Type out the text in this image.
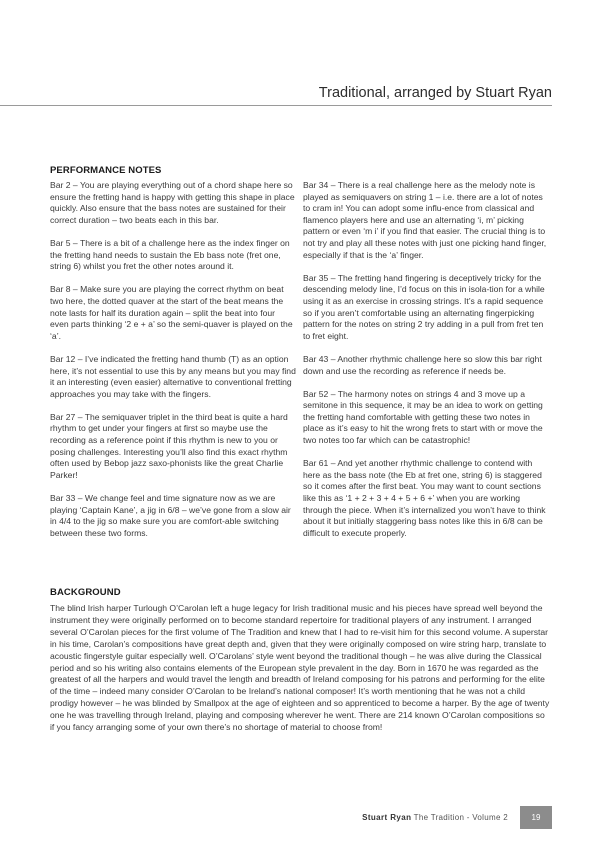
Traditional, arranged by Stuart Ryan
PERFORMANCE NOTES

Bar 2 – You are playing everything out of a chord shape here so ensure the fretting hand is happy with getting this shape in place quickly. Also ensure that the bass notes are sustained for their correct duration – two beats each in this bar.

Bar 5 – There is a bit of a challenge here as the index finger on the fretting hand needs to sustain the Eb bass note (fret one, string 6) whilst you fret the other notes around it.

Bar 8 – Make sure you are playing the correct rhythm on beat two here, the dotted quaver at the start of the beat means the note lasts for half its duration again – split the beat into four even parts thinking ‘2 e + a’ so the semi-quaver is played on the ‘a’.

Bar 12 – I’ve indicated the fretting hand thumb (T) as an option here, it’s not essential to use this by any means but you may find it an interesting (even easier) alternative to conventional fretting approaches you may take with the fingers.

Bar 27 – The semiquaver triplet in the third beat is quite a hard rhythm to get under your fingers at first so maybe use the recording as a reference point if this rhythm is new to you or posing challenges. Interesting you’ll also find this exact rhythm often used by Bebop jazz saxo-phonists like the great Charlie Parker!

Bar 33 – We change feel and time signature now as we are playing ‘Captain Kane’, a jig in 6/8 – we’ve gone from a slow air in 4/4 to the jig so make sure you are comfort-able switching between these two forms.

Bar 34 – There is a real challenge here as the melody note is played as semiquavers on string 1 – i.e. there are a lot of notes to cram in! You can adopt some influ-ence from classical and flamenco players here and use an alternating ‘i, m’ picking pattern or even ‘m i’ if you find that easier. The crucial thing is to not try and play all these notes with just one picking hand finger, especially if that is the ‘a’ finger.

Bar 35 – The fretting hand fingering is deceptively tricky for the descending melody line, I’d focus on this in isola-tion for a while using it as an exercise in crossing strings. It’s a rapid sequence so if you aren’t comfortable using an alternating fingerpicking pattern for the notes on string 2 try adding in a pull from fret ten to fret eight.

Bar 43 – Another rhythmic challenge here so slow this bar right down and use the recording as reference if needs be.

Bar 52 – The harmony notes on strings 4 and 3 move up a semitone in this sequence, it may be an idea to work on getting the fretting hand comfortable with getting these two notes in place as it’s easy to hit the wrong frets to start with or move the two notes too far which can be catastrophic!

Bar 61 – And yet another rhythmic challenge to contend with here as the bass note (the Eb at fret one, string 6) is staggered so it comes after the first beat. You may want to count sections like this as ‘1 + 2 + 3 + 4 + 5 + 6 +’ when you are working through the piece. When it’s internalized you won’t have to think about it but initially staggering bass notes like this in 6/8 can be difficult to execute properly.

BACKGROUND

The blind Irish harper Turlough O’Carolan left a huge legacy for Irish traditional music and his pieces have spread well beyond the instrument they were originally performed on to become standard repertoire for traditional players of any instrument. I arranged several O’Carolan pieces for the first volume of The Tradition and knew that I had to re-visit him for this second volume. A superstar in his time, Carolan’s compositions have great depth and, given that they were originally composed on wire string harp, translate to acoustic fingerstyle guitar especially well. O’Carolans’ style went beyond the traditional though – he was alive during the Classical period and so his writing also contains elements of the European style prevalent in the day. Born in 1670 he was regarded as the greatest of all the harpers and would travel the length and breadth of Ireland composing for his patrons and performing for the elite of the time – indeed many consider O’Carolan to be Ireland’s national composer! It’s worth mentioning that he was not a child prodigy however – he was blinded by Smallpox at the age of eighteen and so apprenticed to become a harper. By the age of twenty one he was travelling through Ireland, playing and composing wherever he went. There are 214 known O’Carolan compositions so if you fancy arranging some of your own there’s no shortage of material to choose from!

Stuart Ryan The Tradition - Volume 2	19
